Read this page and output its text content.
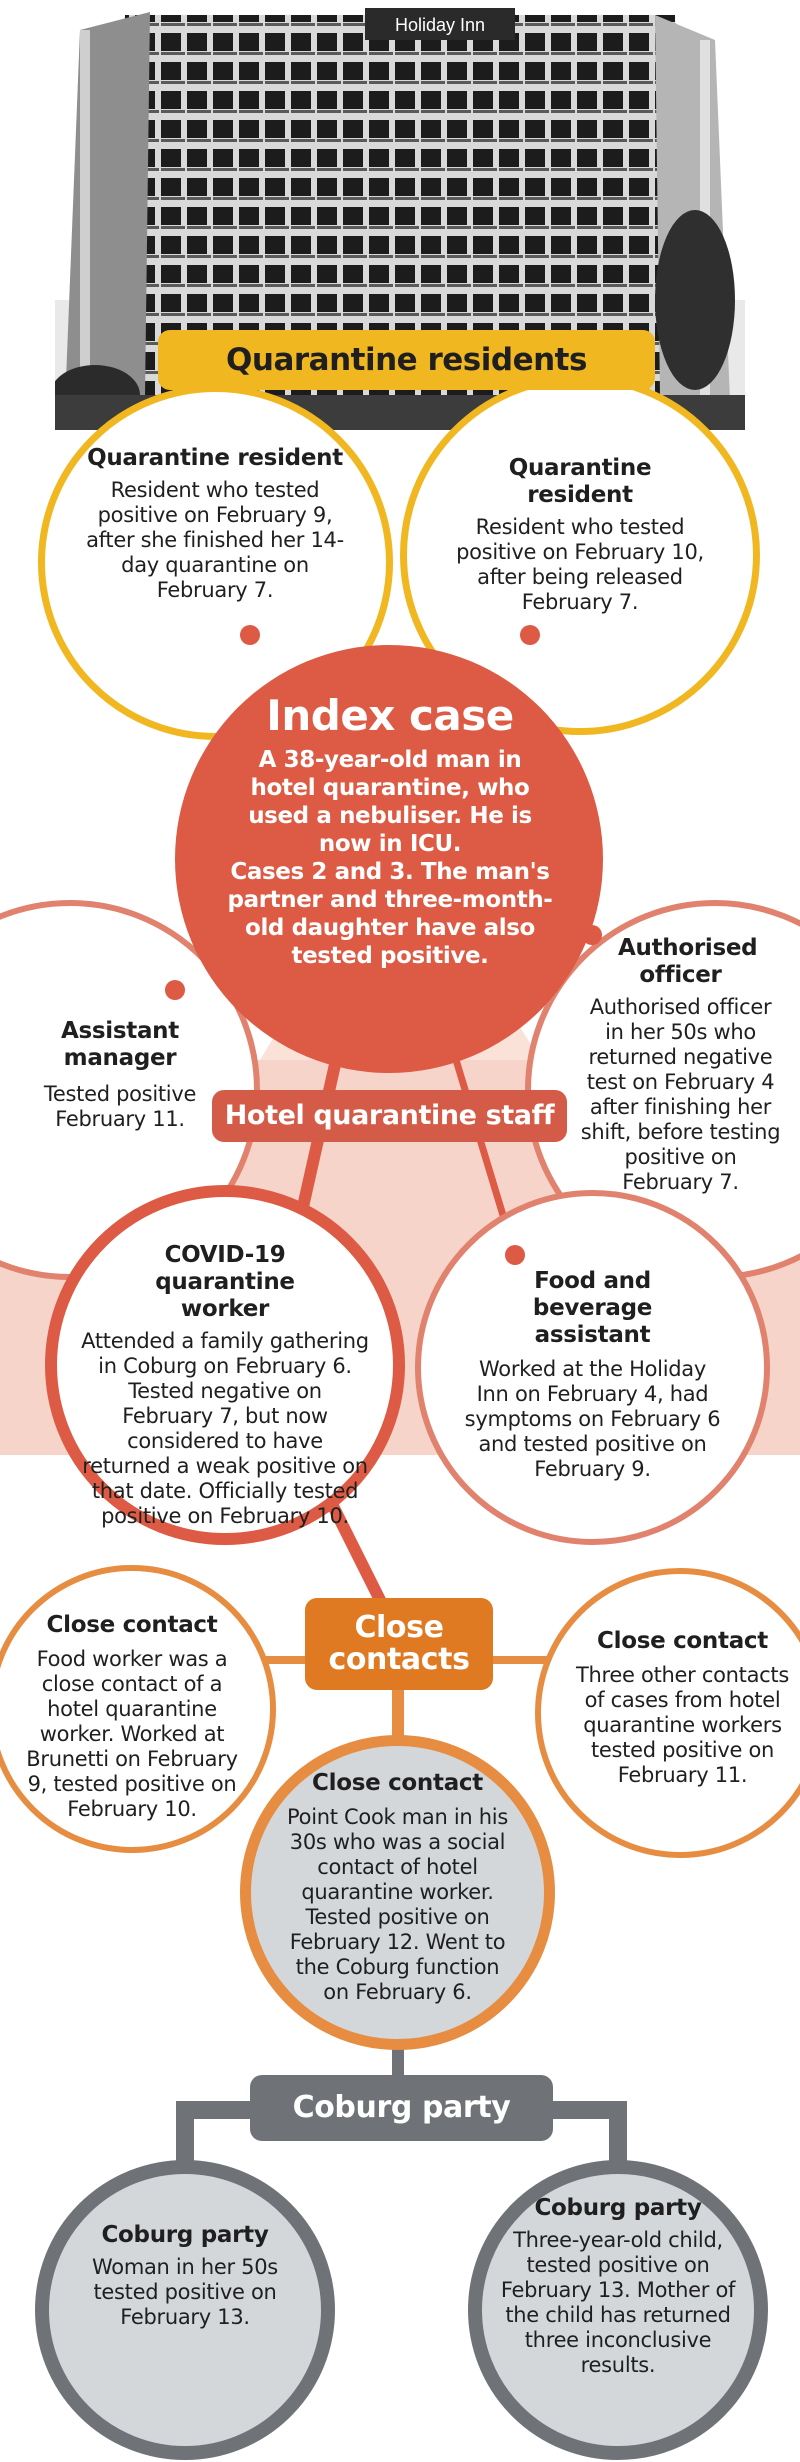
Holiday Inn
Quarantine residents
Quarantine resident
Resident who tested positive on February 9, after she finished her 14-day quarantine on February 7.
Quarantine resident
Resident who tested positive on February 10, after being released February 7.
Assistant manager
Tested positive February 11.
Authorised officer
Authorised officer in her 50s who returned negative test on February 4 after finishing her shift, before testing positive on February 7.
Index case
A 38-year-old man in hotel quarantine, who used a nebuliser. He is now in ICU.
Cases 2 and 3. The man's partner and three-month-old daughter have also tested positive.
Hotel quarantine staff
COVID-19 quarantine worker
Attended a family gathering in Coburg on February 6. Tested negative on February 7, but now considered to have returned a weak positive on that date. Officially tested positive on February 10.
Food and beverage assistant
Worked at the Holiday Inn on February 4, had symptoms on February 6 and tested positive on February 9.
Close contact
Food worker was a close contact of a hotel quarantine worker. Worked at Brunetti on February 9, tested positive on February 10.
Close contact
Three other contacts of cases from hotel quarantine workers tested positive on February 11.
Close contacts
Close contact
Point Cook man in his 30s who was a social contact of hotel quarantine worker. Tested positive on February 12. Went to the Coburg function on February 6.
Coburg party
Coburg party
Woman in her 50s tested positive on February 13.
Coburg party
Three-year-old child, tested positive on February 13. Mother of the child has returned three inconclusive results.
